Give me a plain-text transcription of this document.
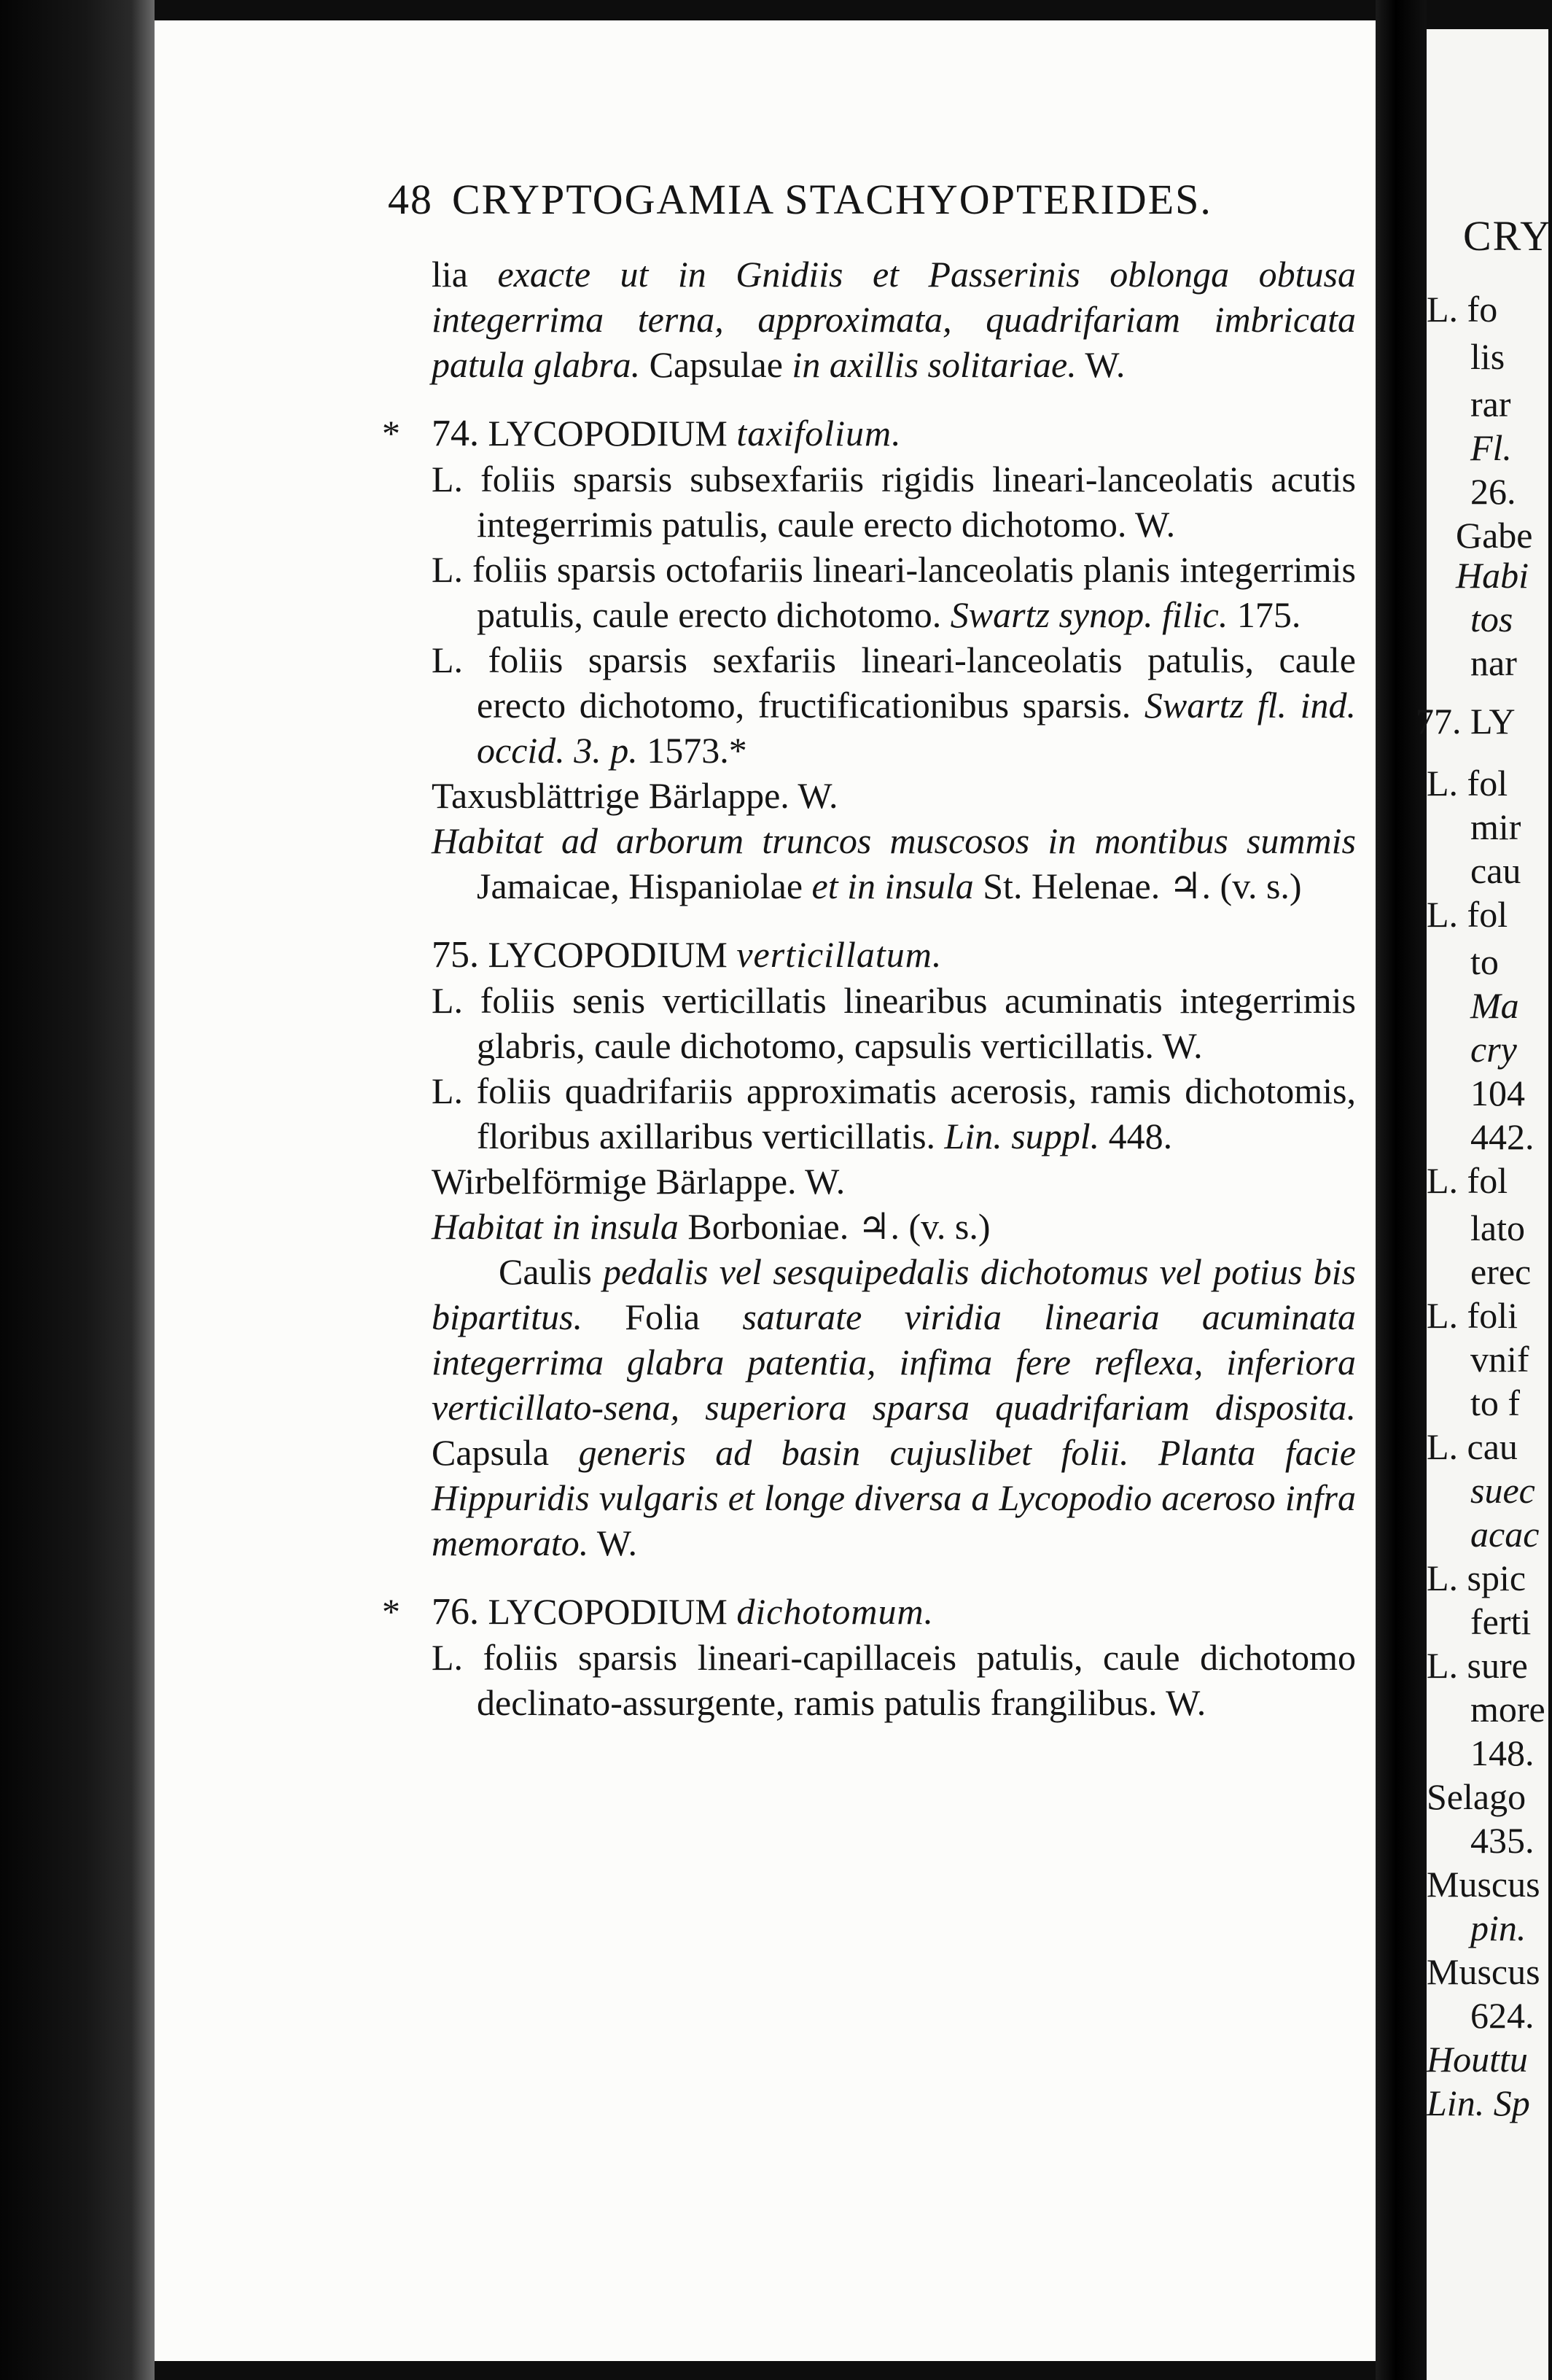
48 CRYPTOGAMIA STACHYOPTERIDES.
lia exacte ut in Gnidiis et Passerinis oblonga obtusa integerrima terna, approximata, quadrifariam imbricata patula glabra. Capsulae in axillis solitariae. W.
* 74. LYCOPODIUM taxifolium.
L. foliis sparsis subsexfariis rigidis lineari-lanceolatis acutis integerrimis patulis, caule erecto dichotomo. W.
L. foliis sparsis octofariis lineari-lanceolatis planis integerrimis patulis, caule erecto dichotomo. Swartz synop. filic. 175.
L. foliis sparsis sexfariis lineari-lanceolatis patulis, caule erecto dichotomo, fructificationibus sparsis. Swartz fl. ind. occid. 3. p. 1573.*
Taxusblättrige Bärlappe. W.
Habitat ad arborum truncos muscosos in montibus summis Jamaicae, Hispaniolae et in insula St. Helenae. ♃. (v. s.)
75. LYCOPODIUM verticillatum.
L. foliis senis verticillatis linearibus acuminatis integerrimis glabris, caule dichotomo, capsulis verticillatis. W.
L. foliis quadrifariis approximatis acerosis, ramis dichotomis, floribus axillaribus verticillatis. Lin. suppl. 448.
Wirbelförmige Bärlappe. W.
Habitat in insula Borboniae. ♃. (v. s.)
Caulis pedalis vel sesquipedalis dichotomus vel potius bis bipartitus. Folia saturate viridia linearia acuminata integerrima glabra patentia, infima fere reflexa, inferiora verticillato-sena, superiora sparsa quadrifariam disposita. Capsula generis ad basin cujuslibet folii. Planta facie Hippuridis vulgaris et longe diversa a Lycopodio aceroso infra memorato. W.
* 76. LYCOPODIUM dichotomum.
L. foliis sparsis lineari-capillaceis patulis, caule dichotomo declinato-assurgente, ramis patulis frangilibus. W.
CRY
L. fo
lis
rar
Fl.
26.
Gabe
Habi
tos
nar
77. LY
L. fol
mir
cau
L. fol
to
Ma
cry
104
442.
L. fol
lato
erec
L. foli
vnif
to f
L. cau
suec
acac
L. spic
ferti
L. sure
more
148.
Selago
435.
Muscus
pin.
Muscus
624.
Houttu
Lin. Sp
